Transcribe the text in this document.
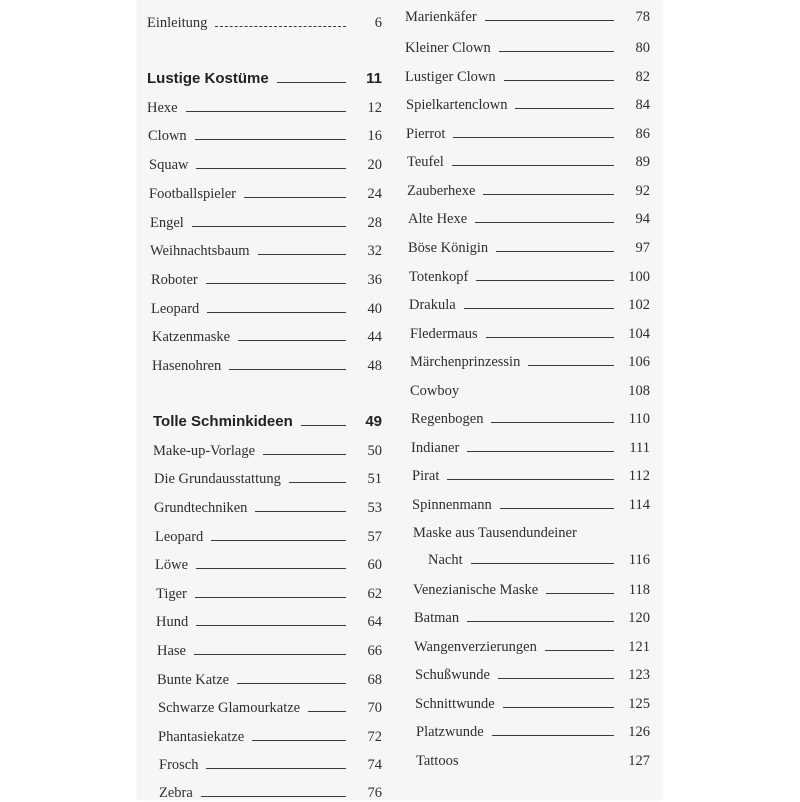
Einleitung	6
Lustige Kostüme	11
Hexe	12
Clown	16
Squaw	20
Footballspieler	24
Engel	28
Weihnachtsbaum	32
Roboter	36
Leopard	40
Katzenmaske	44
Hasenohren	48
Tolle Schminkideen	49
Make-up-Vorlage	50
Die Grundausstattung	51
Grundtechniken	53
Leopard	57
Löwe	60
Tiger	62
Hund	64
Hase	66
Bunte Katze	68
Schwarze Glamourkatze	70
Phantasiekatze	72
Frosch	74
Zebra	76
Marienkäfer	78
Kleiner Clown	80
Lustiger Clown	82
Spielkartenclown	84
Pierrot	86
Teufel	89
Zauberhexe	92
Alte Hexe	94
Böse Königin	97
Totenkopf	100
Drakula	102
Fledermaus	104
Märchenprinzessin	106
Cowboy	108
Regenbogen	110
Indianer	111
Pirat	112
Spinnenmann	114
Maske aus Tausendundeiner
Nacht	116
Venezianische Maske	118
Batman	120
Wangenverzierungen	121
Schußwunde	123
Schnittwunde	125
Platzwunde	126
Tattoos	127
